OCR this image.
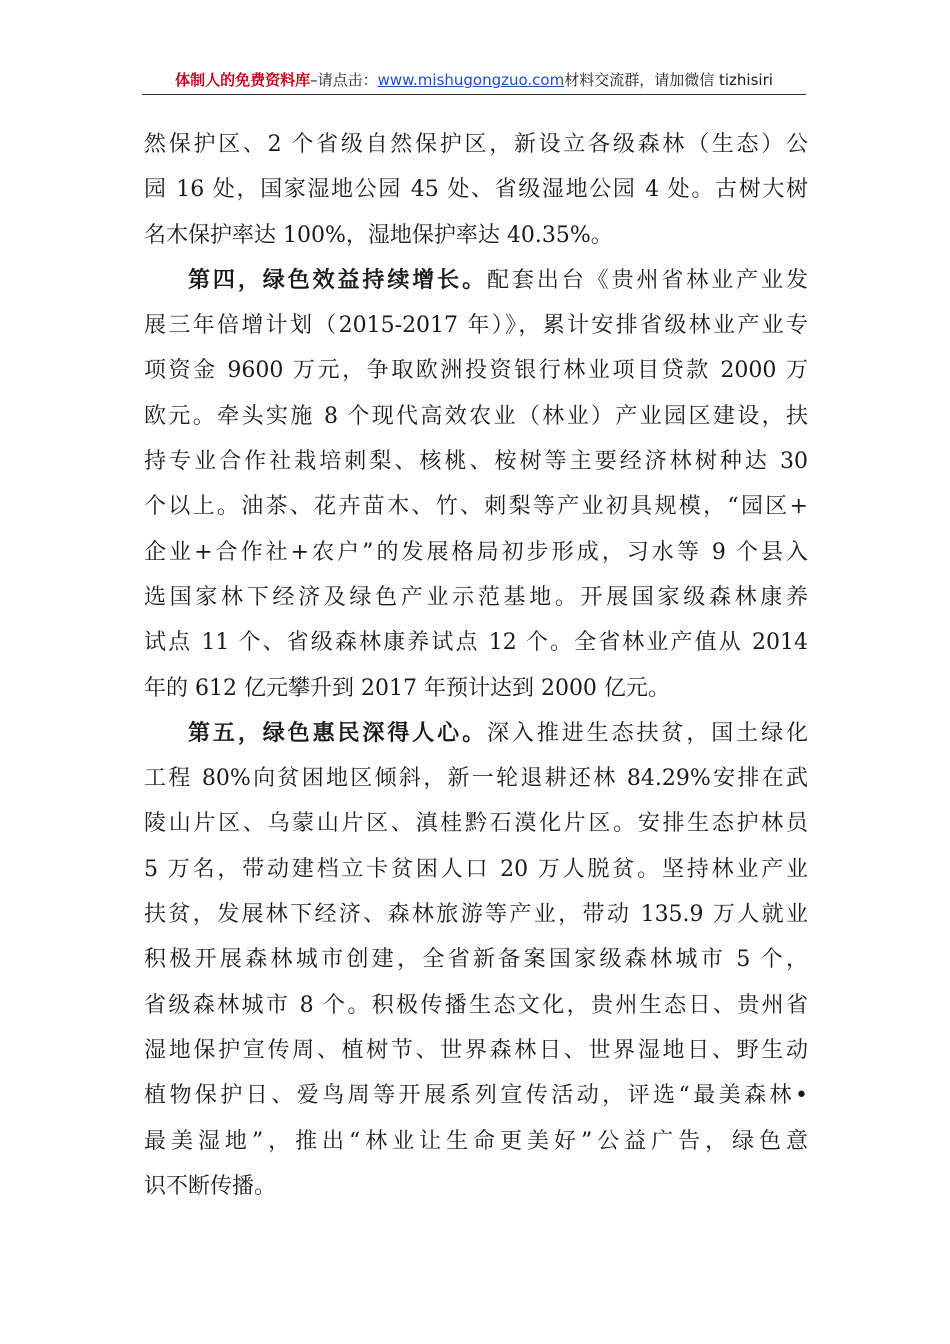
体制人的免费资料库–请点击：www.mishugongzuo.com材料交流群，请加微信 tizhisiri
然保护区、2 个省级自然保护区，新设立各级森林（生态）公
园 16 处，国家湿地公园 45 处、省级湿地公园 4 处。古树大树
名木保护率达 100%，湿地保护率达 40.35%。
第四，绿色效益持续增长。配套出台《贵州省林业产业发
展三年倍增计划（2015-2017 年）》，累计安排省级林业产业专
项资金 9600 万元，争取欧洲投资银行林业项目贷款 2000 万
欧元。牵头实施 8 个现代高效农业（林业）产业园区建设，扶
持专业合作社栽培刺梨、核桃、桉树等主要经济林树种达 30
个以上。油茶、花卉苗木、竹、刺梨等产业初具规模，“园区+
企业+合作社+农户”的发展格局初步形成，习水等 9 个县入
选国家林下经济及绿色产业示范基地。开展国家级森林康养
试点 11 个、省级森林康养试点 12 个。全省林业产值从 2014
年的 612 亿元攀升到 2017 年预计达到 2000 亿元。
第五，绿色惠民深得人心。深入推进生态扶贫，国土绿化
工程 80%向贫困地区倾斜，新一轮退耕还林 84.29%安排在武
陵山片区、乌蒙山片区、滇桂黔石漠化片区。安排生态护林员
5 万名，带动建档立卡贫困人口 20 万人脱贫。坚持林业产业
扶贫，发展林下经济、森林旅游等产业，带动 135.9 万人就业
积极开展森林城市创建，全省新备案国家级森林城市 5 个，
省级森林城市 8 个。积极传播生态文化，贵州生态日、贵州省
湿地保护宣传周、植树节、世界森林日、世界湿地日、野生动
植物保护日、爱鸟周等开展系列宣传活动，评选“最美森林•
最美湿地”，推出“林业让生命更美好”公益广告，绿色意
识不断传播。
